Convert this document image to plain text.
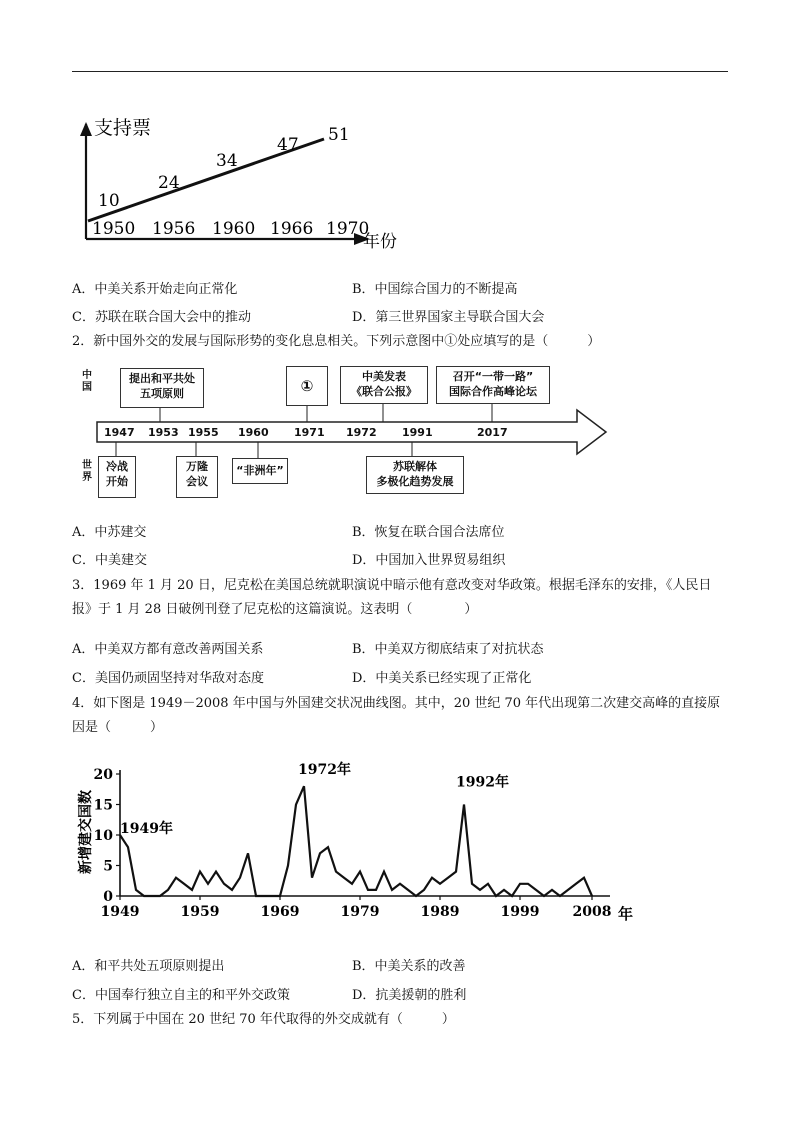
支持票
年份
10
24
34
47 51
1950 1956 1960 1966 1970
A．中美关系开始走向正常化	B．中国综合国力的不断提高
C．苏联在联合国大会中的推动	D．第三世界国家主导联合国大会
2．新中国外交的发展与国际形势的变化息息相关。下列示意图中①处应填写的是（　　　）
中
国
世
界
提出和平共处
五项原则	①
中美发表
《联合公报》
召开“一带一路”
国际合作高峰论坛
1947 1953 1955 1960 1971 1972 1991	2017
冷战
开始
万隆
会议
“非洲年”	苏联解体
多极化趋势发展
A．中苏建交	B．恢复在联合国合法席位
C．中美建交	D．中国加入世界贸易组织
3．1969 年 1 月 20 日，尼克松在美国总统就职演说中暗示他有意改变对华政策。根据毛泽东的安排，《人民日报》于 1 月 28 日破例刊登了尼克松的这篇演说。这表明（　　　　）
A．中美双方都有意改善两国关系	B．中美双方彻底结束了对抗状态
C．美国仍顽固坚持对华敌对态度	D．中美关系已经实现了正常化
4．如下图是 1949－2008 年中国与外国建交状况曲线图。其中，20 世纪 70 年代出现第二次建交高峰的直接原因是（　　　）
0
5
10
15
20
1949	1959	1969	1979	1989	1999 2008
1949年
1972年
1992年
新增建交国数
年
A．和平共处五项原则提出	B．中美关系的改善
C．中国奉行独立自主的和平外交政策	D．抗美援朝的胜利
5．下列属于中国在 20 世纪 70 年代取得的外交成就有（　　　）
